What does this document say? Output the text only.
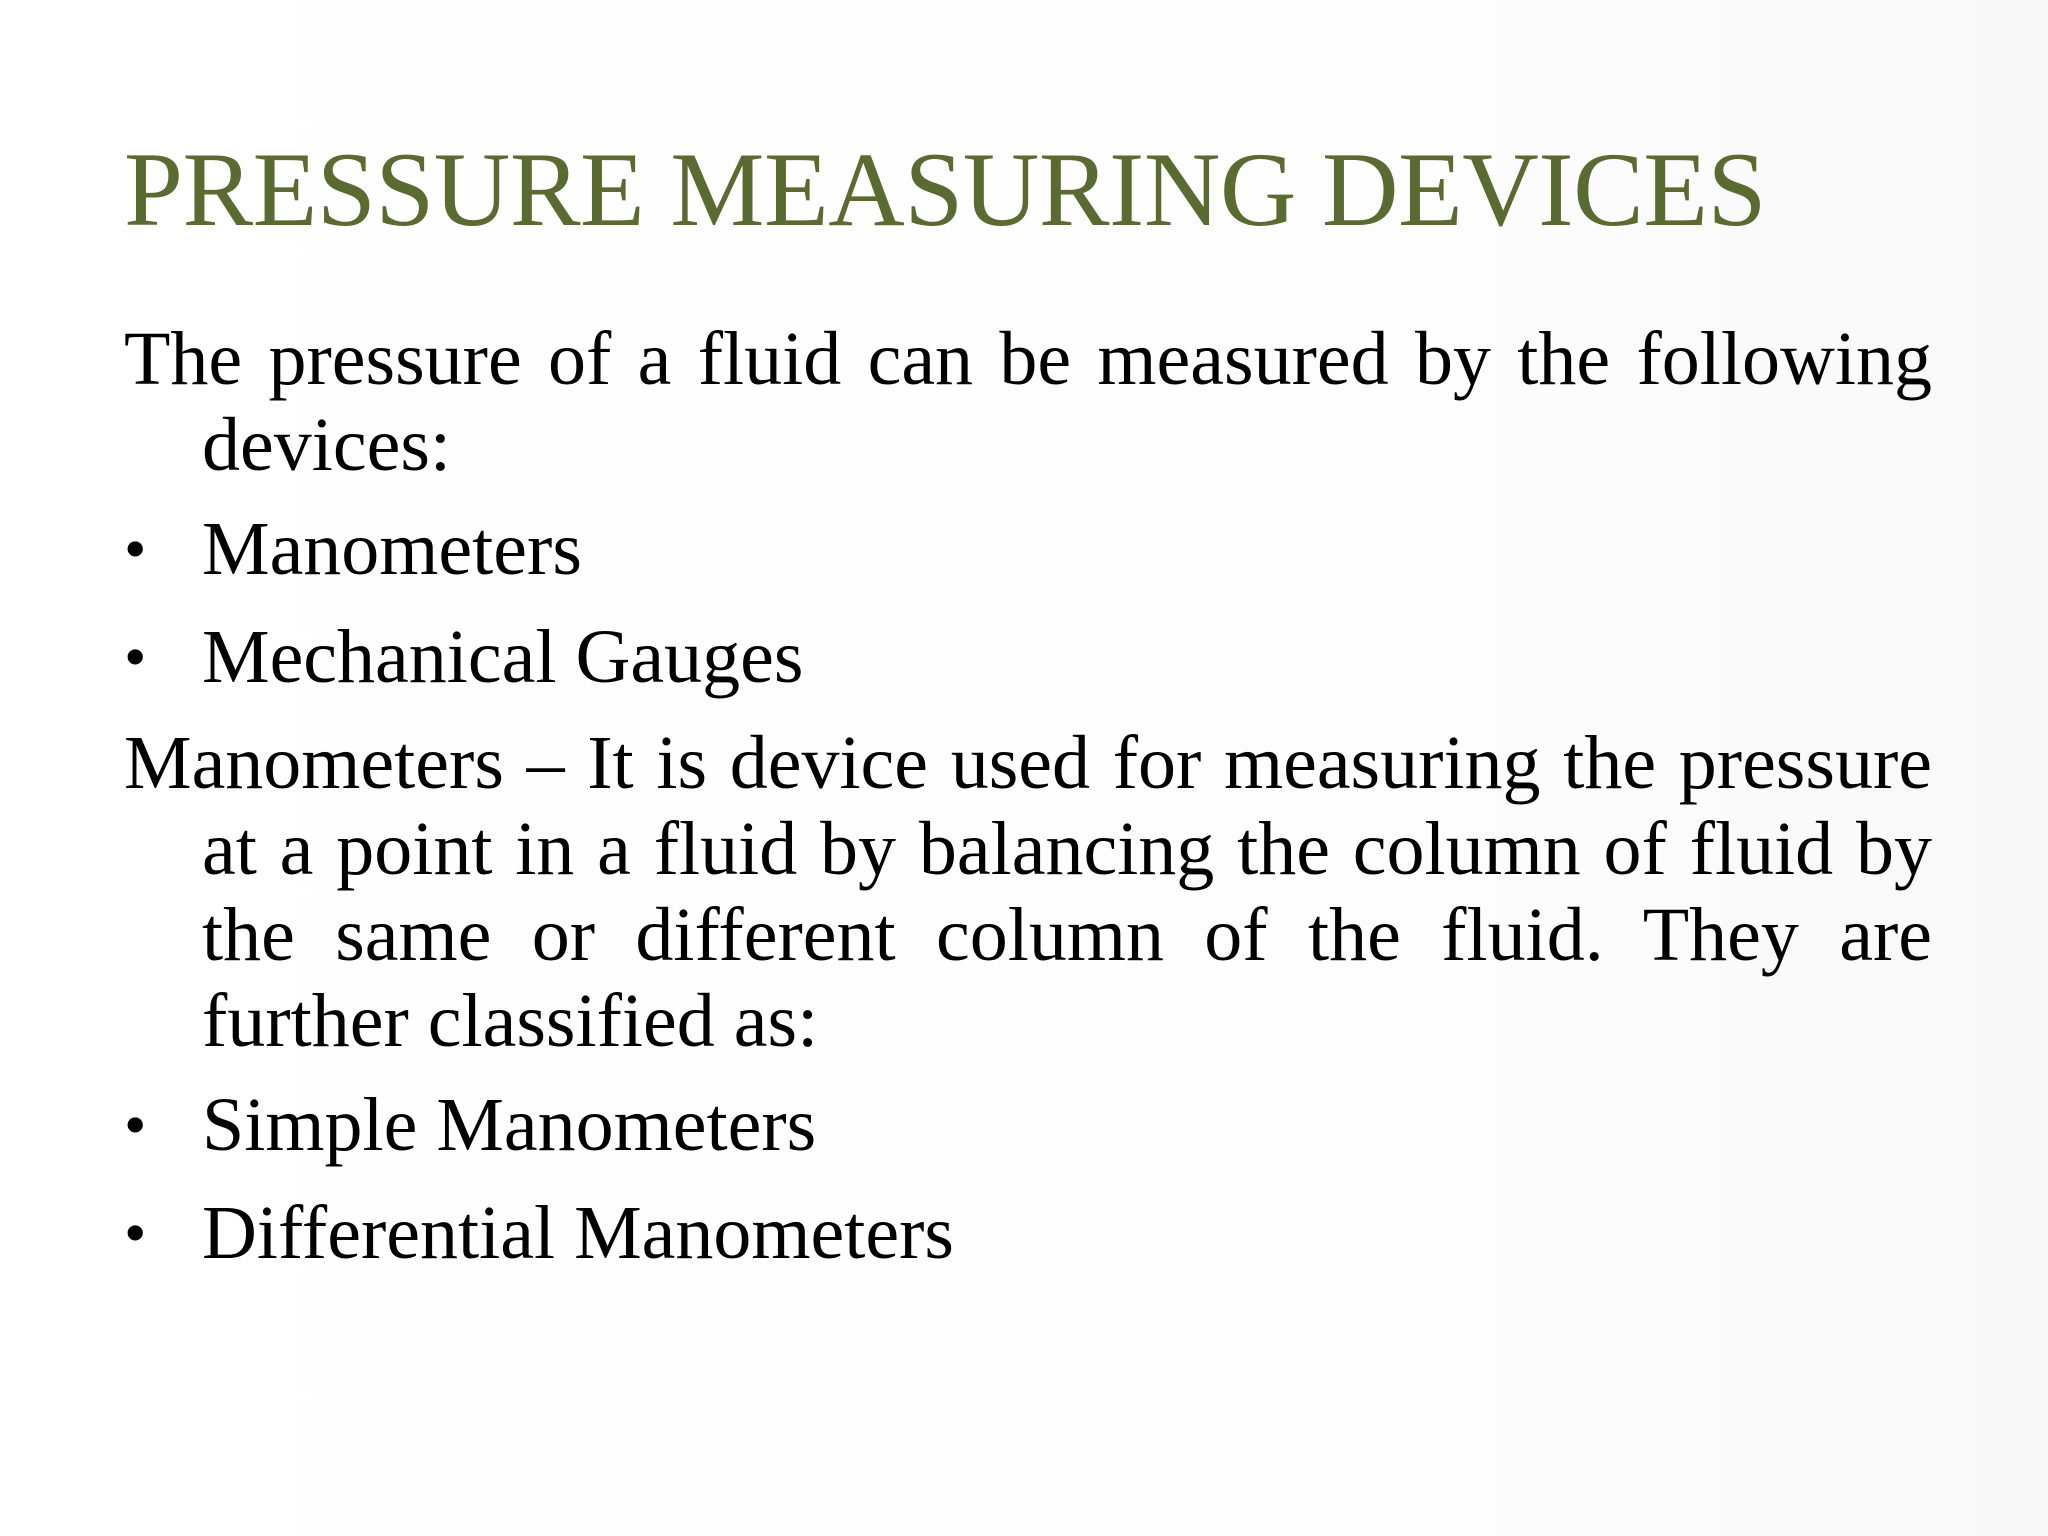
PRESSURE MEASURING DEVICES

The pressure of a fluid can be measured by the following devices:

• Manometers
• Mechanical Gauges

Manometers – It is device used for measuring the pressure at a point in a fluid by balancing the column of fluid by the same or different column of the fluid. They are further classified as:

• Simple Manometers
• Differential Manometers
